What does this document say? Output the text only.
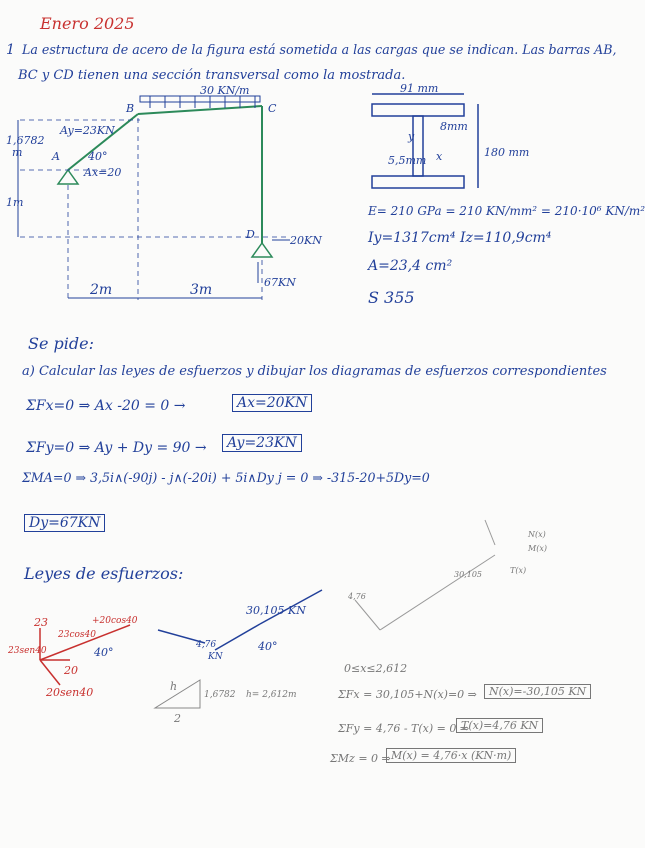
Enero 2025
1 La estructura de acero de la figura está sometida a las cargas que se indican. Las barras AB,
BC y CD tienen una sección transversal como la mostrada.
30 KN/m
B	C
A
D
Ay=23KN
Ax=20
40°
1,6782
m
1m
2m	3m
20KN
67KN
91 mm
8mm
5,5mm
180 mm
y
x
E= 210 GPa = 210 KN/mm² = 210·10⁶ KN/m²
Iy=1317cm⁴ Iz=110,9cm⁴
A=23,4 cm²
S 355
Se pide:
a) Calcular las leyes de esfuerzos y dibujar los diagramas de esfuerzos correspondientes
ΣFx=0 ⇒ Ax -20 = 0 →	Ax=20KN
ΣFy=0 ⇒ Ay + Dy = 90 →	Ay=23KN
ΣMA=0 ⇒ 3,5i∧(-90j) - j∧(-20i) + 5i∧Dy j = 0 ⇒ -315-20+5Dy=0
Dy=67KN
Leyes de esfuerzos:
23
23sen40
23cos40
+20cos40
20
20sen40
40°
30,105 KN
4,76
KN
40°
h
1,6782
2
h= 2,612m
4,76
30,105
N(x)
M(x)
T(x)
0≤x≤2,612
ΣFx = 30,105+N(x)=0 ⇒	N(x)=-30,105 KN
ΣFy = 4,76 - T(x) = 0 ⇒
T(x)=4,76 KN
ΣMz = 0 ⇒ M(x) = 4,76·x (KN·m)
